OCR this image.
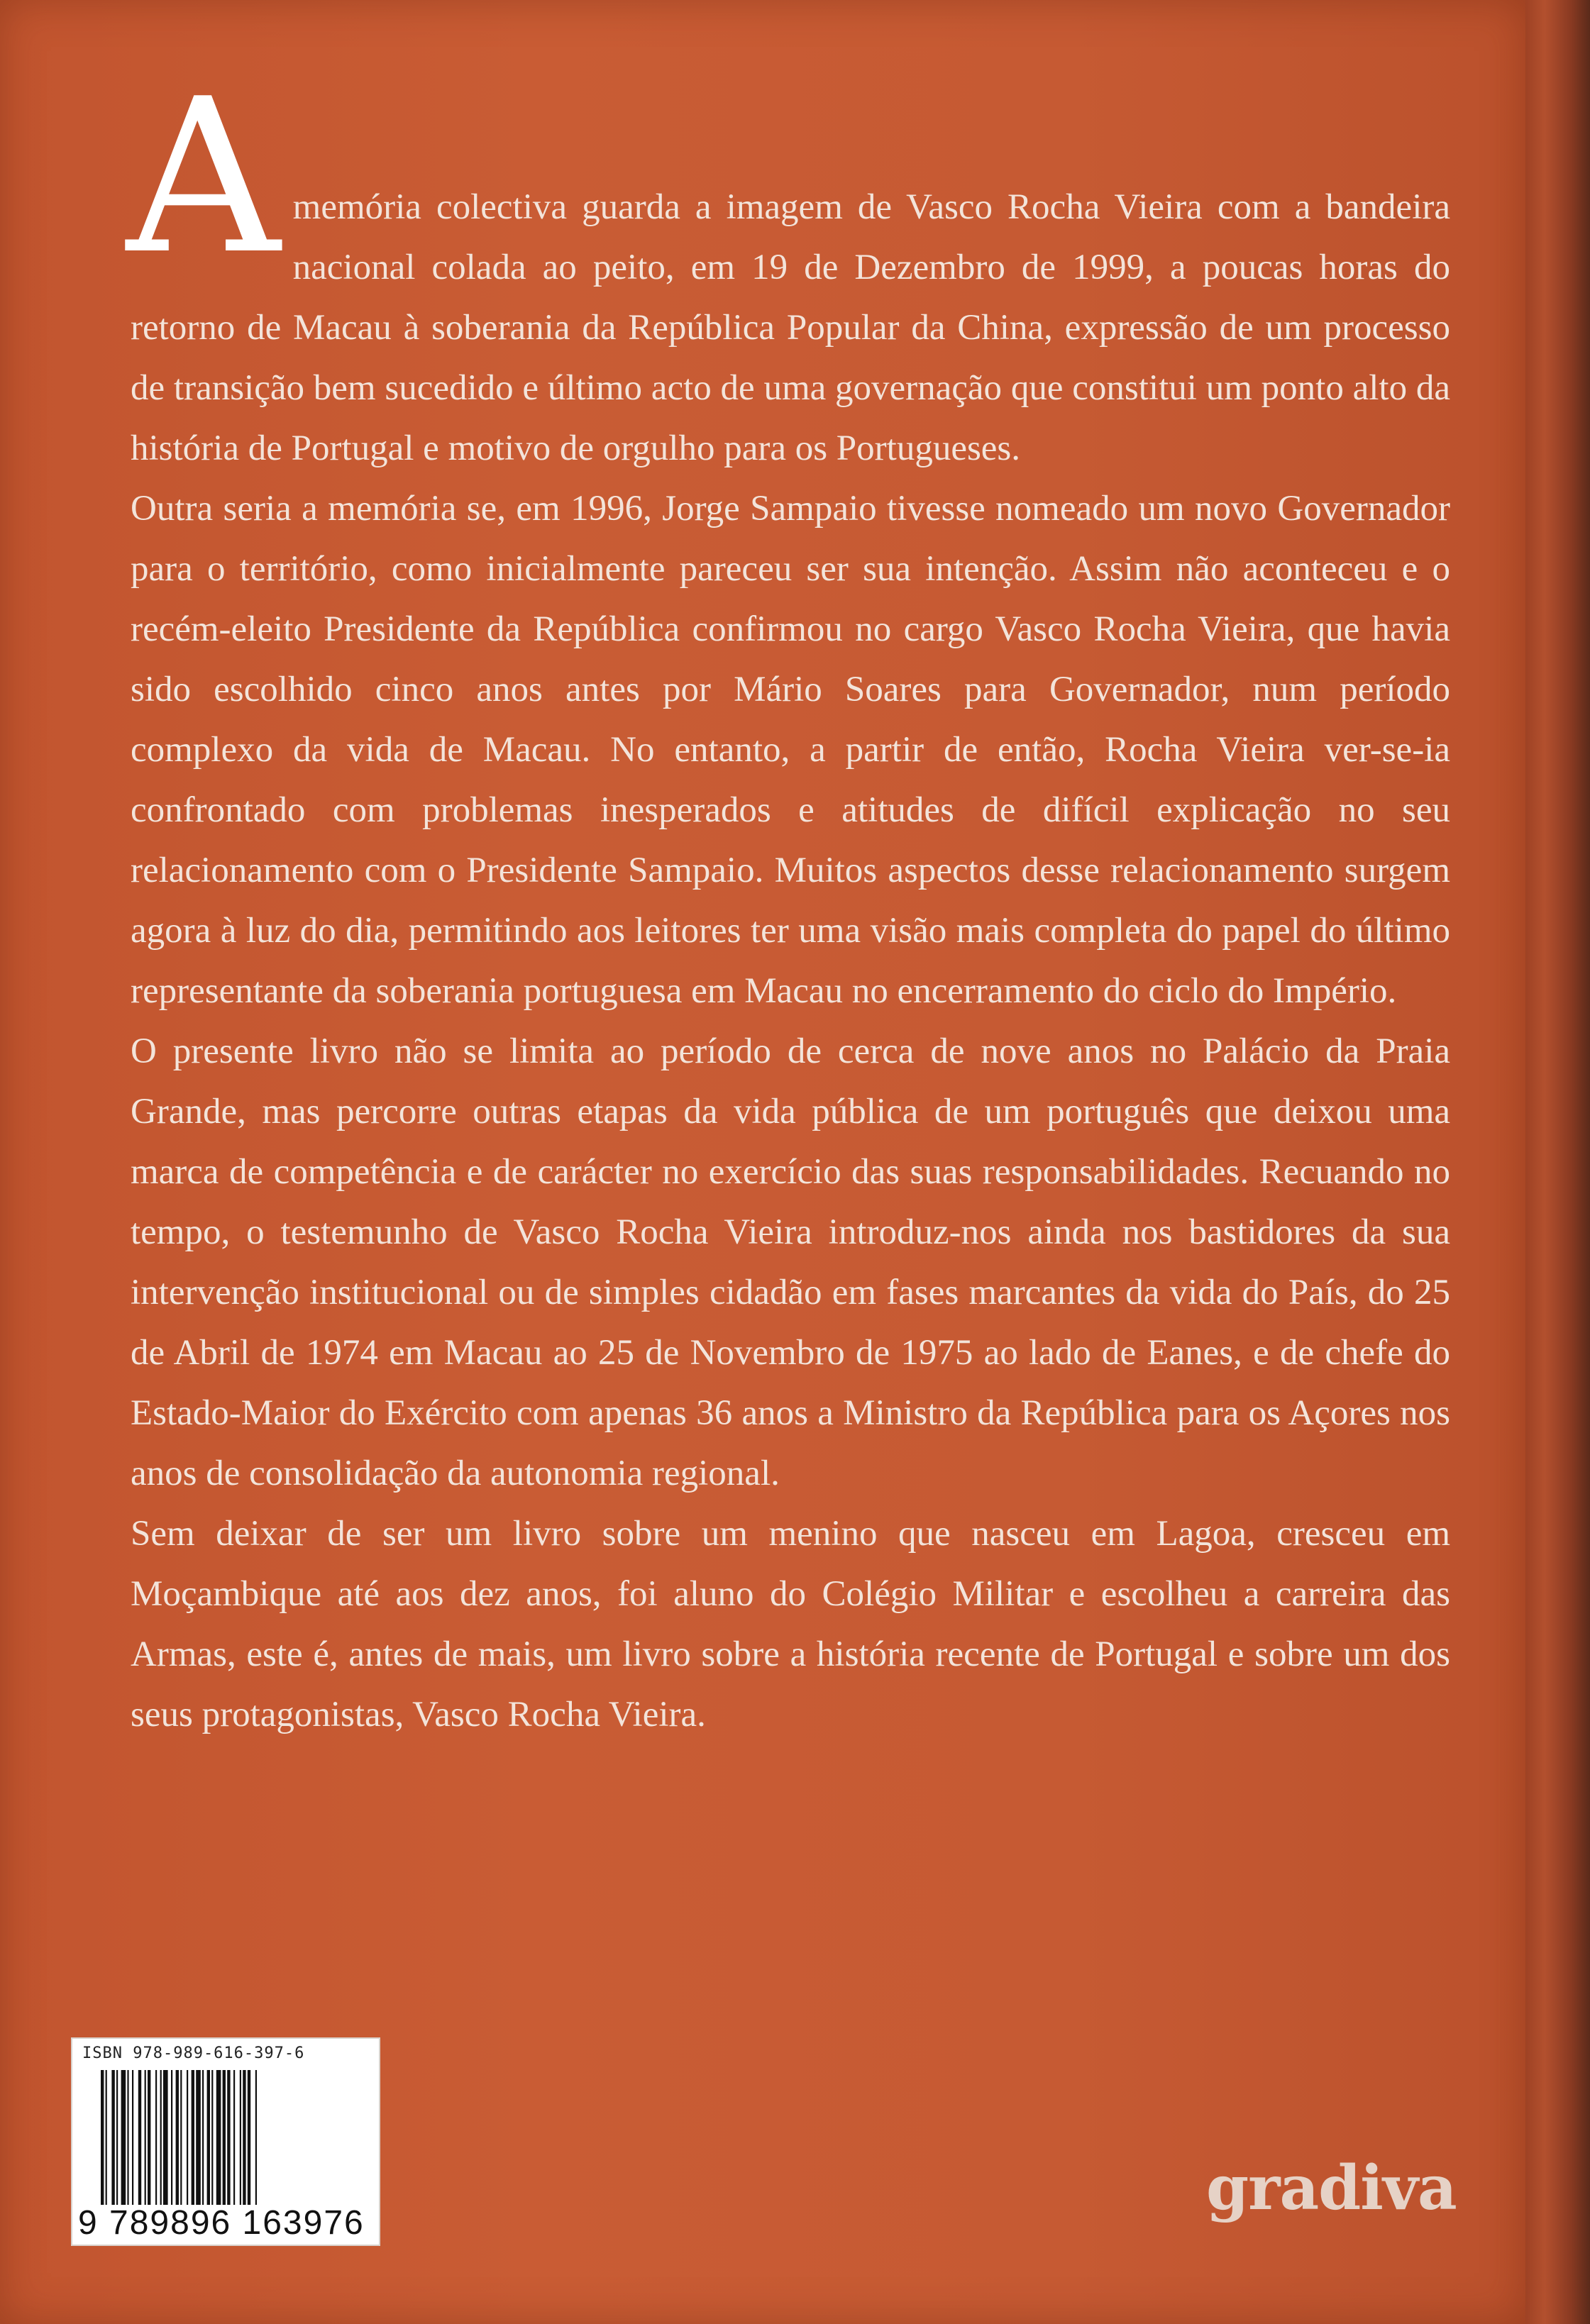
A memória colectiva guarda a imagem de Vasco Rocha Vieira com a bandeira nacional colada ao peito, em 19 de Dezembro de 1999, a poucas horas do retorno de Macau à soberania da República Popular da China, expressão de um processo de transição bem sucedido e último acto de uma governação que constitui um ponto alto da história de Portugal e motivo de orgulho para os Portugueses.

Outra seria a memória se, em 1996, Jorge Sampaio tivesse nomeado um novo Governador para o território, como inicialmente pareceu ser sua intenção. Assim não aconteceu e o recém-eleito Presidente da República confirmou no cargo Vasco Rocha Vieira, que havia sido escolhido cinco anos antes por Mário Soares para Governador, num período complexo da vida de Macau. No entanto, a partir de então, Rocha Vieira ver-se-ia confrontado com problemas inesperados e atitudes de difícil explicação no seu relacionamento com o Presidente Sampaio. Muitos aspectos desse relacionamento surgem agora à luz do dia, permitindo aos leitores ter uma visão mais completa do papel do último representante da soberania portuguesa em Macau no encerramento do ciclo do Império.

O presente livro não se limita ao período de cerca de nove anos no Palácio da Praia Grande, mas percorre outras etapas da vida pública de um português que deixou uma marca de competência e de carácter no exercício das suas responsabilidades. Recuando no tempo, o testemunho de Vasco Rocha Vieira introduz-nos ainda nos bastidores da sua intervenção institucional ou de simples cidadão em fases marcantes da vida do País, do 25 de Abril de 1974 em Macau ao 25 de Novembro de 1975 ao lado de Eanes, e de chefe do Estado-Maior do Exército com apenas 36 anos a Ministro da República para os Açores nos anos de consolidação da autonomia regional.

Sem deixar de ser um livro sobre um menino que nasceu em Lagoa, cresceu em Moçambique até aos dez anos, foi aluno do Colégio Militar e escolheu a carreira das Armas, este é, antes de mais, um livro sobre a história recente de Portugal e sobre um dos seus protagonistas, Vasco Rocha Vieira.

ISBN 978-989-616-397-6
9 789896 163976	gradiva
